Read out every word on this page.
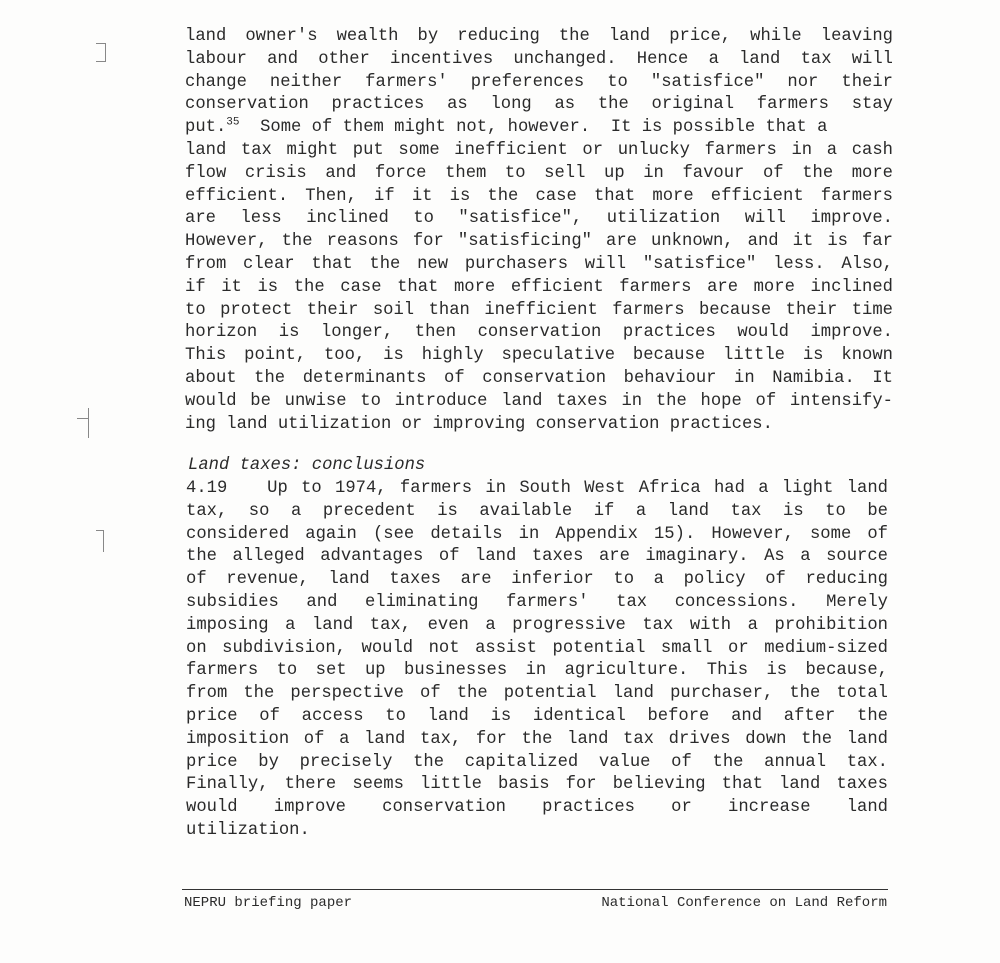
land owner's wealth by reducing the land price, while leaving
labour and other incentives unchanged. Hence a land tax will
change neither farmers' preferences to "satisfice" nor their
conservation practices as long as the original farmers stay
put.$^{35}$  Some of them might not, however.  It is possible that a
land tax might put some inefficient or unlucky farmers in a cash
flow crisis and force them to sell up in favour of the more
efficient. Then, if it is the case that more efficient farmers
are less inclined to "satisfice", utilization will improve.
However, the reasons for "satisficing" are unknown, and it is far
from clear that the new purchasers will "satisfice" less. Also,
if it is the case that more efficient farmers are more inclined
to protect their soil than inefficient farmers because their time
horizon is longer, then conservation practices would improve.
This point, too, is highly speculative because little is known
about the determinants of conservation behaviour in Namibia. It
would be unwise to introduce land taxes in the hope of intensify-
ing land utilization or improving conservation practices.
Land taxes: conclusions
4.19   Up to 1974, farmers in South West Africa had a light land
tax, so a precedent is available if a land tax is to be
considered again (see details in Appendix 15). However, some of
the alleged advantages of land taxes are imaginary. As a source
of revenue, land taxes are inferior to a policy of reducing
subsidies and eliminating farmers' tax concessions. Merely
imposing a land tax, even a progressive tax with a prohibition
on subdivision, would not assist potential small or medium-sized
farmers to set up businesses in agriculture. This is because,
from the perspective of the potential land purchaser, the total
price of access to land is identical before and after the
imposition of a land tax, for the land tax drives down the land
price by precisely the capitalized value of the annual tax.
Finally, there seems little basis for believing that land taxes
would improve conservation practices or increase land
utilization.
NEPRU briefing paper	National Conference on Land Reform
